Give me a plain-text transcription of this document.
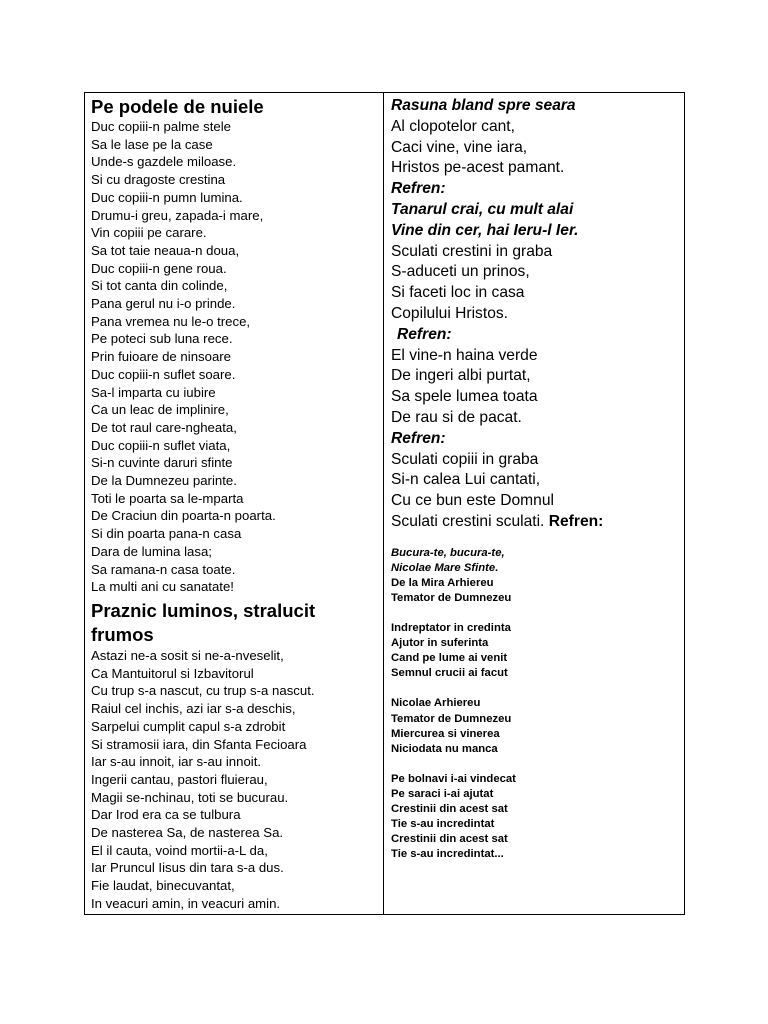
Pe podele de nuiele
Duc copiii-n palme stele
Sa le lase pe la case
Unde-s gazdele miloase.
Si cu dragoste crestina
Duc copiii-n pumn lumina.
Drumu-i greu, zapada-i mare,
Vin copiii pe carare.
Sa tot taie neaua-n doua,
Duc copiii-n gene roua.
Si tot canta din colinde,
Pana gerul nu i-o prinde.
Pana vremea nu le-o trece,
Pe poteci sub luna rece.
Prin fuioare de ninsoare
Duc copiii-n suflet soare.
Sa-l imparta cu iubire
Ca un leac de implinire,
De tot raul care-ngheata,
Duc copiii-n suflet viata,
Si-n cuvinte daruri sfinte
De la Dumnezeu parinte.
Toti le poarta sa le-mparta
De Craciun din poarta-n poarta.
Si din poarta pana-n casa
Dara de lumina lasa;
Sa ramana-n casa toate.
La multi ani cu sanatate!
Praznic luminos, stralucit
frumos
Astazi ne-a sosit si ne-a-nveselit,
Ca Mantuitorul si Izbavitorul
Cu trup s-a nascut, cu trup s-a nascut.
Raiul cel inchis, azi iar s-a deschis,
Sarpelui cumplit capul s-a zdrobit
Si stramosii iara, din Sfanta Fecioara
Iar s-au innoit, iar s-au innoit.
Ingerii cantau, pastori fluierau,
Magii se-nchinau, toti se bucurau.
Dar Irod era ca se tulbura
De nasterea Sa, de nasterea Sa.
El il cauta, voind mortii-a-L da,
Iar Pruncul Iisus din tara s-a dus.
Fie laudat, binecuvantat,
In veacuri amin, in veacuri amin.
Rasuna bland spre seara
Al clopotelor cant,
Caci vine, vine iara,
Hristos pe-acest pamant.
Refren:
Tanarul crai, cu mult alai
Vine din cer, hai Ieru-l Ier.
Sculati crestini in graba
S-aduceti un prinos,
Si faceti loc in casa
Copilului Hristos.
Refren:
El vine-n haina verde
De ingeri albi purtat,
Sa spele lumea toata
De rau si de pacat.
Refren:
Sculati copiii in graba
Si-n calea Lui cantati,
Cu ce bun este Domnul
Sculati crestini sculati. Refren:
Bucura-te, bucura-te,
Nicolae Mare Sfinte.
De la Mira Arhiereu
Temator de Dumnezeu
Indreptator in credinta
Ajutor in suferinta
Cand pe lume ai venit
Semnul crucii ai facut
Nicolae Arhiereu
Temator de Dumnezeu
Miercurea si vinerea
Niciodata nu manca
Pe bolnavi i-ai vindecat
Pe saraci i-ai ajutat
Crestinii din acest sat
Tie s-au incredintat
Crestinii din acest sat
Tie s-au incredintat...
